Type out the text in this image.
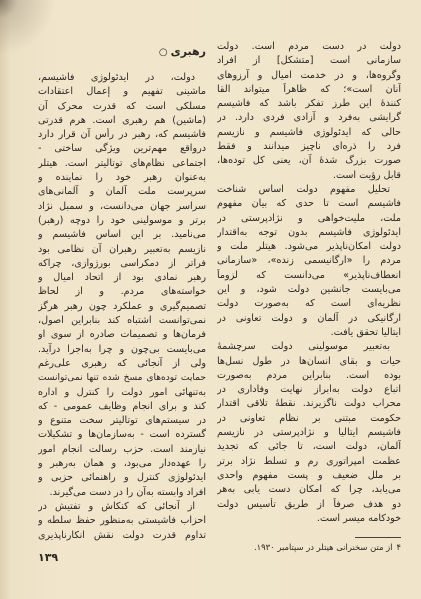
دولت در دست مردم است. دولت
سازمانی است [متشکل] از افراد
وگروه‌ها، و در خدمت امیال و آرزوهای
آنان است»؛ که ظاهراً میتواند القا
کنندهٔ این طرز تفکر باشد که فاشیسم
گرایشی به‌فرد و آزادی فردی دارد. در
حالی که ایدئولوژی فاشیسم و نازیسم
فرد را ذره‌ای ناچیز میدانند و فقط
صورت بزرگ شدهٔ آن، یعنی کل توده‌ها،
قابل رؤیت است.
تحلیل مفهوم دولت اساس شناخت
فاشیسم است تا حدی که بیان مفهوم
ملت، ملیت‌خواهی و نژادپرستی در
ایدئولوژی فاشیسم بدون توجه به‌اقتدار
دولت امکان‌ناپذیر می‌شود. هیتلر ملت و
مردم را «ارگانیسمی زنده»، «سازمانی
انعطاف‌ناپذیر» می‌دانست که لزوماً
می‌بایست جانشین دولت شود، و این
نظریه‌ای است که به‌صورت دولت
ارگانیکی در آلمان و دولت تعاونی در
ایتالیا تحقق یافت.
به‌تعبیر موسولینی دولت سرچشمهٔ
حیات و بقای انسان‌ها در طول نسل‌ها
بوده است. بنابراین مردم به‌صورت
اتباع دولت به‌ابراز نهایت وفاداری در
محراب دولت ناگزیرند. نقطهٔ تلاقی اقتدار
حکومت مبتنی بر نظام تعاونی در
فاشیسم ایتالیا و نژادپرستی در نازیسم
آلمان، دولت است، تا جائی که تجدید
عظمت امپراتوری رم و تسلط نژاد برتر
بر ملل ضعیف و پست مفهوم واحدی
می‌یابد، چرا که امکان دست یابی به‌هر
دو هدف صرفاً از طریق تأسیس دولت
خودکامه میسر است.
رهبری○
دولت، در ایدئولوژی فاشیسم،
ماشینی تفهیم و إعمال اعتقادات
مسلکی است که قدرت محرک آن
(ماشین) هم رهبری است. هرم قدرتی
فاشیسم که، رهبر در رأس آن قرار دارد
درواقع مهم‌ترین ویژگی ساختی -
اجتماعی نظام‌های توتالیتر است. هیتلر
به‌عنوان رهبر خود را نماینده و
سرپرست ملت آلمان و آلمانی‌های
سراسر جهان می‌دانست، و سمبل نژاد
برتر و موسولینی خود را دوچه (رهبر)
می‌نامید. بر این اساس فاشیسم و
نازیسم به‌تعبیر رهبران آن نظامی بود
فراتر از دمکراسی بورژوازی، چراکه
رهبر نمادی بود از اتحاد امیال و
خواسته‌های مردم. و از لحاظ
تصمیم‌گیری و عملکرد چون رهبر هرگز
نمی‌توانست اشتباه کند بنابراین اصول،
فرمان‌ها و تصمیمات صادره از سوی او
می‌بایست بی‌چون و چرا به‌اجرا درآید.
ولی از آنجائی که رهبری علی‌رغم
حمایت توده‌های مسخ شده تنها نمی‌توانست
به‌تنهائی امور دولت را کنترل و اداره
کند و برای انجام وظایف عمومی - که
در سیستم‌های توتالیتر سخت متنوع و
گسترده است - به‌سازمان‌ها و تشکیلات
نیازمند است. حزب رسالت انجام امور
را عهده‌دار می‌بود، و همان به‌رهبر و
ایدئولوژی کنترل و راهنمائی حزبی و
افراد وابسته به‌آن را در دست می‌گیرند.
از آنجائی که کنکاش و تفتیش در
احزاب فاشیستی به‌منظور حفظ سلطه و
تداوم قدرت دولت نقش انکارناپذیری
۴از متن سخنرانی هیتلر در سپتامبر ۱۹۳۰.
۱۳۹
